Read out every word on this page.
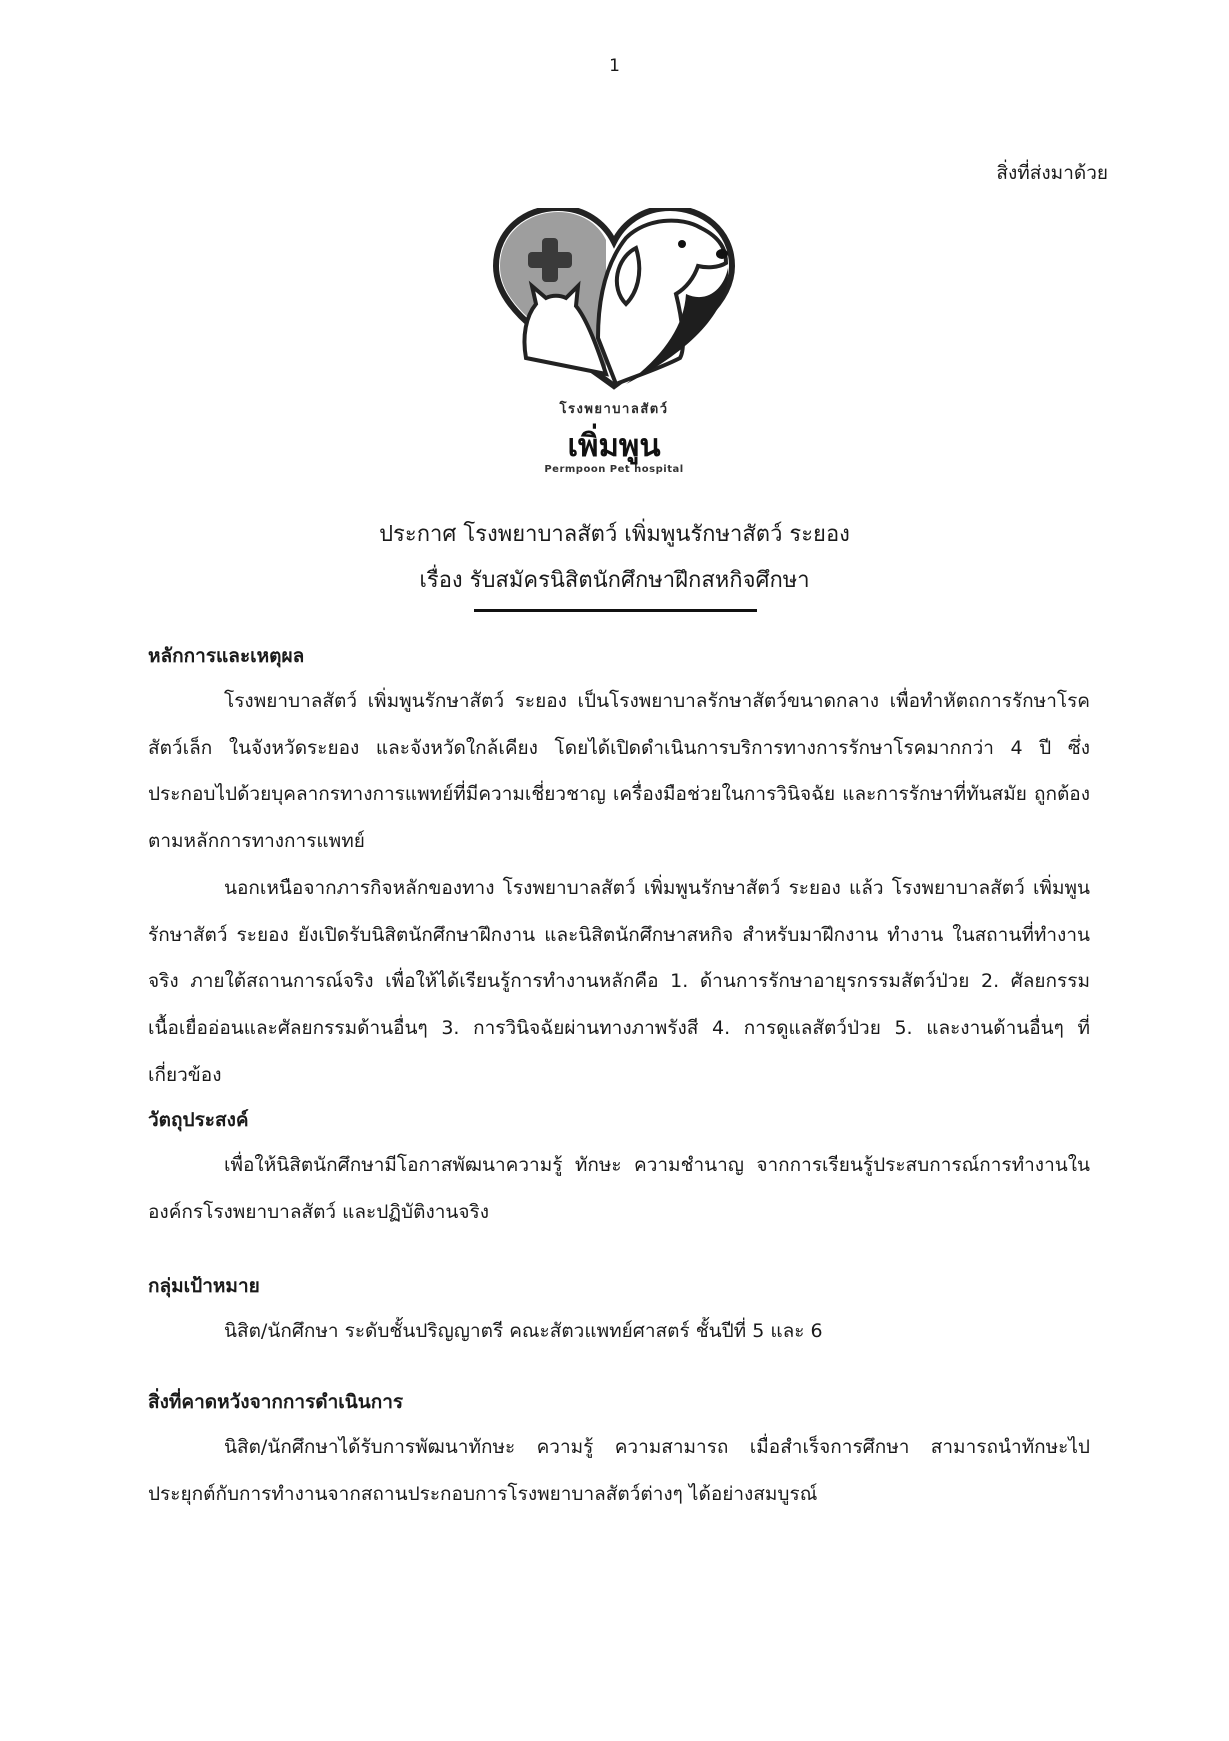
1
สิ่งที่ส่งมาด้วย
โรงพยาบาลสัตว์
เพิ่มพูน
Permpoon Pet hospital
ประกาศ โรงพยาบาลสัตว์ เพิ่มพูนรักษาสัตว์ ระยอง
เรื่อง รับสมัครนิสิตนักศึกษาฝึกสหกิจศึกษา

หลักการและเหตุผล

โรงพยาบาลสัตว์ เพิ่มพูนรักษาสัตว์ ระยอง เป็นโรงพยาบาลรักษาสัตว์ขนาดกลาง เพื่อทำหัตถการรักษาโรคสัตว์เล็ก ในจังหวัดระยอง และจังหวัดใกล้เคียง โดยได้เปิดดำเนินการบริการทางการรักษาโรคมากกว่า 4 ปี ซึ่งประกอบไปด้วยบุคลากรทางการแพทย์ที่มีความเชี่ยวชาญ เครื่องมือช่วยในการวินิจฉัย และการรักษาที่ทันสมัย ถูกต้องตามหลักการทางการแพทย์

นอกเหนือจากภารกิจหลักของทาง โรงพยาบาลสัตว์ เพิ่มพูนรักษาสัตว์ ระยอง แล้ว โรงพยาบาลสัตว์ เพิ่มพูนรักษาสัตว์ ระยอง ยังเปิดรับนิสิตนักศึกษาฝึกงาน และนิสิตนักศึกษาสหกิจ สำหรับมาฝึกงาน ทำงาน ในสถานที่ทำงานจริง ภายใต้สถานการณ์จริง เพื่อให้ได้เรียนรู้การทำงานหลักคือ 1. ด้านการรักษาอายุรกรรมสัตว์ป่วย 2. ศัลยกรรมเนื้อเยื่ออ่อนและศัลยกรรมด้านอื่นๆ 3. การวินิจฉัยผ่านทางภาพรังสี 4. การดูแลสัตว์ป่วย 5. และงานด้านอื่นๆ ที่เกี่ยวข้อง

วัตถุประสงค์

เพื่อให้นิสิตนักศึกษามีโอกาสพัฒนาความรู้ ทักษะ ความชำนาญ จากการเรียนรู้ประสบการณ์การทำงานในองค์กรโรงพยาบาลสัตว์ และปฏิบัติงานจริง

กลุ่มเป้าหมาย

นิสิต/นักศึกษา ระดับชั้นปริญญาตรี คณะสัตวแพทย์ศาสตร์ ชั้นปีที่ 5 และ 6

สิ่งที่คาดหวังจากการดำเนินการ

นิสิต/นักศึกษาได้รับการพัฒนาทักษะ ความรู้ ความสามารถ เมื่อสำเร็จการศึกษา สามารถนำทักษะไปประยุกต์กับการทำงานจากสถานประกอบการโรงพยาบาลสัตว์ต่างๆ ได้อย่างสมบูรณ์
